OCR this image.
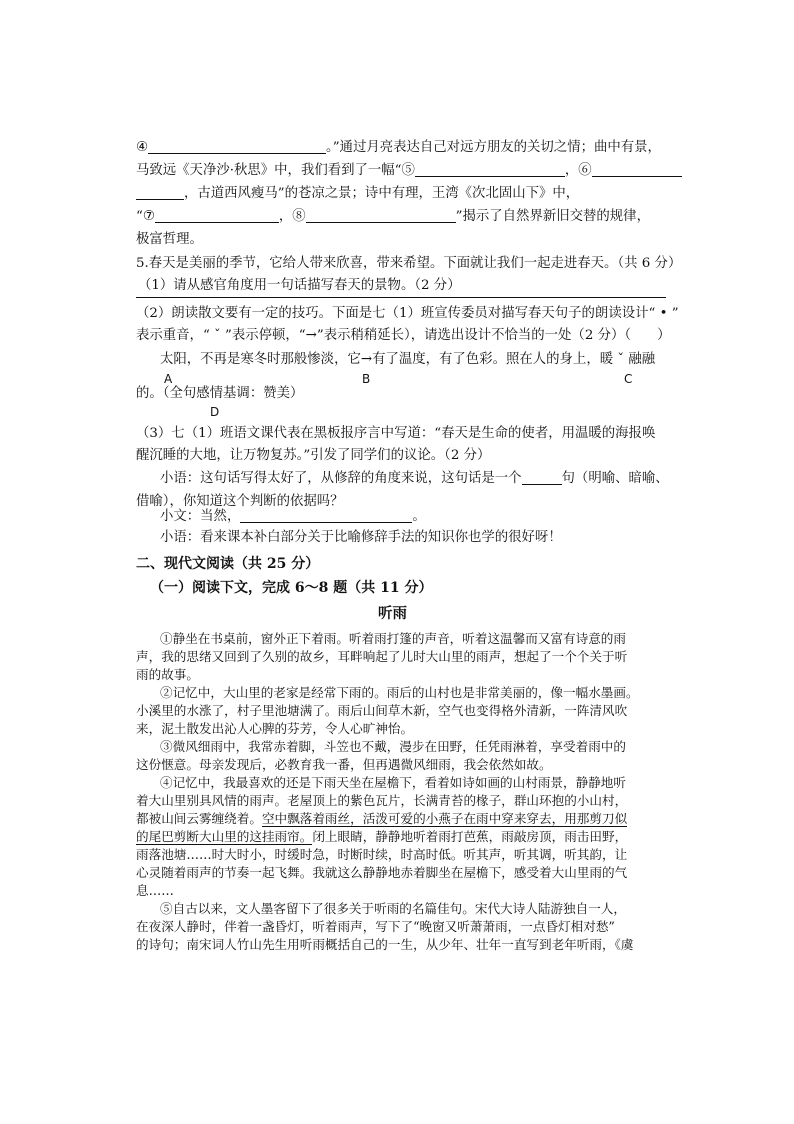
④	。”通过月亮表达自己对远方朋友的关切之情；曲中有景，
马致远《天净沙·秋思》中，我们看到了一幅“⑤	，⑥
，古道西风瘦马”的苍凉之景；诗中有理，王湾《次北固山下》中，
“⑦	，⑧	”揭示了自然界新旧交替的规律，
极富哲理。
5.春天是美丽的季节，它给人带来欣喜，带来希望。下面就让我们一起走进春天。（共 6 分）
（1）请从感官角度用一句话描写春天的景物。（2 分）
（2）朗读散文要有一定的技巧。下面是七（1）班宣传委员对描写春天句子的朗读设计“ • ”
表示重音，“ ˇ ”表示停顿，“→”表示稍稍延长），请选出设计不恰当的一处（2 分）（ ）
太阳，不再是寒冬时那般惨淡，它→有了温度，有了色彩。照在人的身上，暖 ˇ 融融
A	B	C
的。（全句感情基调：赞美）
D
（3）七（1）班语文课代表在黑板报序言中写道：“春天是生命的使者，用温暖的海报唤
醒沉睡的大地，让万物复苏。”引发了同学们的议论。（2 分）
小语：这句话写得太好了，从修辞的角度来说，这句话是一个	句（明喻、暗喻、
借喻），你知道这个判断的依据吗？
小文：当然，	。
小语：看来课本补白部分关于比喻修辞手法的知识你也学的很好呀！
二、现代文阅读（共 25 分）
（一）阅读下文，完成 6～8 题（共 11 分）
听雨
①静坐在书桌前，窗外正下着雨。听着雨打篷的声音，听着这温馨而又富有诗意的雨
声，我的思绪又回到了久别的故乡，耳畔响起了儿时大山里的雨声，想起了一个个关于听
雨的故事。
②记忆中，大山里的老家是经常下雨的。雨后的山村也是非常美丽的，像一幅水墨画。
小溪里的水涨了，村子里池塘满了。雨后山间草木新，空气也变得格外清新，一阵清风吹
来，泥土散发出沁人心脾的芬芳，令人心旷神怡。
③微风细雨中，我常赤着脚，斗笠也不戴，漫步在田野，任凭雨淋着，享受着雨中的
这份惬意。母亲发现后，必教育我一番，但再遇微风细雨，我会依然如故。
④记忆中，我最喜欢的还是下雨天坐在屋檐下，看着如诗如画的山村雨景，静静地听
着大山里别具风情的雨声。老屋顶上的紫色瓦片，长满青苔的椽子，群山环抱的小山村，
都被山间云雾缠绕着。空中飘落着雨丝，活泼可爱的小燕子在雨中穿来穿去，用那剪刀似
的尾巴剪断大山里的这挂雨帘。闭上眼睛，静静地听着雨打芭蕉，雨敲房顶，雨击田野，
雨落池塘……时大时小，时缓时急，时断时续，时高时低。听其声，听其调，听其韵，让
心灵随着雨声的节奏一起飞舞。我就这么静静地赤着脚坐在屋檐下，感受着大山里雨的气
息……
⑤自古以来，文人墨客留下了很多关于听雨的名篇佳句。宋代大诗人陆游独自一人，
在夜深人静时，伴着一盏昏灯，听着雨声，写下了“晚窗又听萧萧雨，一点昏灯相对愁”
的诗句；南宋词人竹山先生用听雨概括自己的一生，从少年、壮年一直写到老年听雨，《虞
